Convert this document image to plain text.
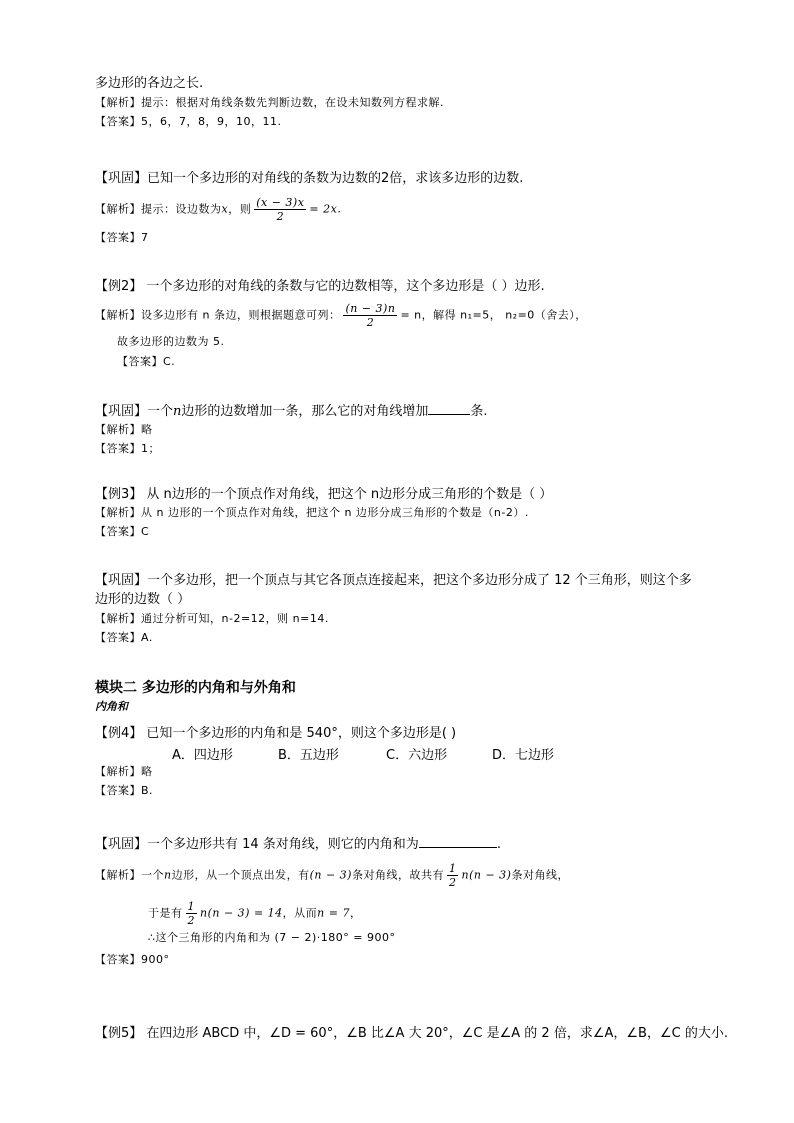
多边形的各边之长.
【解析】提示：根据对角线条数先判断边数，在设未知数列方程求解.
【答案】5，6，7，8，9，10，11.
【巩固】已知一个多边形的对角线的条数为边数的2倍，求该多边形的边数.
【解析】提示：设边数为x，则 $\frac{(x - 3)x}{2} = 2x$.
【答案】7
【例2】 一个多边形的对角线的条数与它的边数相等，这个多边形是（ ）边形.
【解析】设多边形有 n 条边，则根据题意可列： $\frac{(n - 3)n}{2} = n$，解得 n₁=5， n₂=0（舍去），
故多边形的边数为 5.
【答案】C.
【巩固】一个n边形的边数增加一条，那么它的对角线增加	条.
【解析】略
【答案】1；
【例3】 从 n边形的一个顶点作对角线，把这个 n边形分成三角形的个数是（ ）
【解析】从 n 边形的一个顶点作对角线，把这个 n 边形分成三角形的个数是（n-2）.
【答案】C
【巩固】一个多边形，把一个顶点与其它各顶点连接起来，把这个多边形分成了 12 个三角形，则这个多
边形的边数（ ）
【解析】通过分析可知，n-2=12，则 n=14.
【答案】A.
模块二 多边形的内角和与外角和
内角和
【例4】 已知一个多边形的内角和是 540°，则这个多边形是( )
A．四边形	B．五边形	C．六边形	D．七边形
【解析】略
【答案】B.
【巩固】一个多边形共有 14 条对角线，则它的内角和为	.
【解析】一个n边形，从一个顶点出发，有(n − 3)条对角线，故共有 $\frac{1}{2} n(n - 3)$条对角线，
于是有 $\frac{1}{2} n(n - 3) = 14$，从而n = 7，
∴这个三角形的内角和为 (7 − 2)·180° = 900°
【答案】900°
【例5】 在四边形 ABCD 中，∠D = 60°，∠B 比∠A 大 20°，∠C 是∠A 的 2 倍，求∠A，∠B，∠C 的大小.
